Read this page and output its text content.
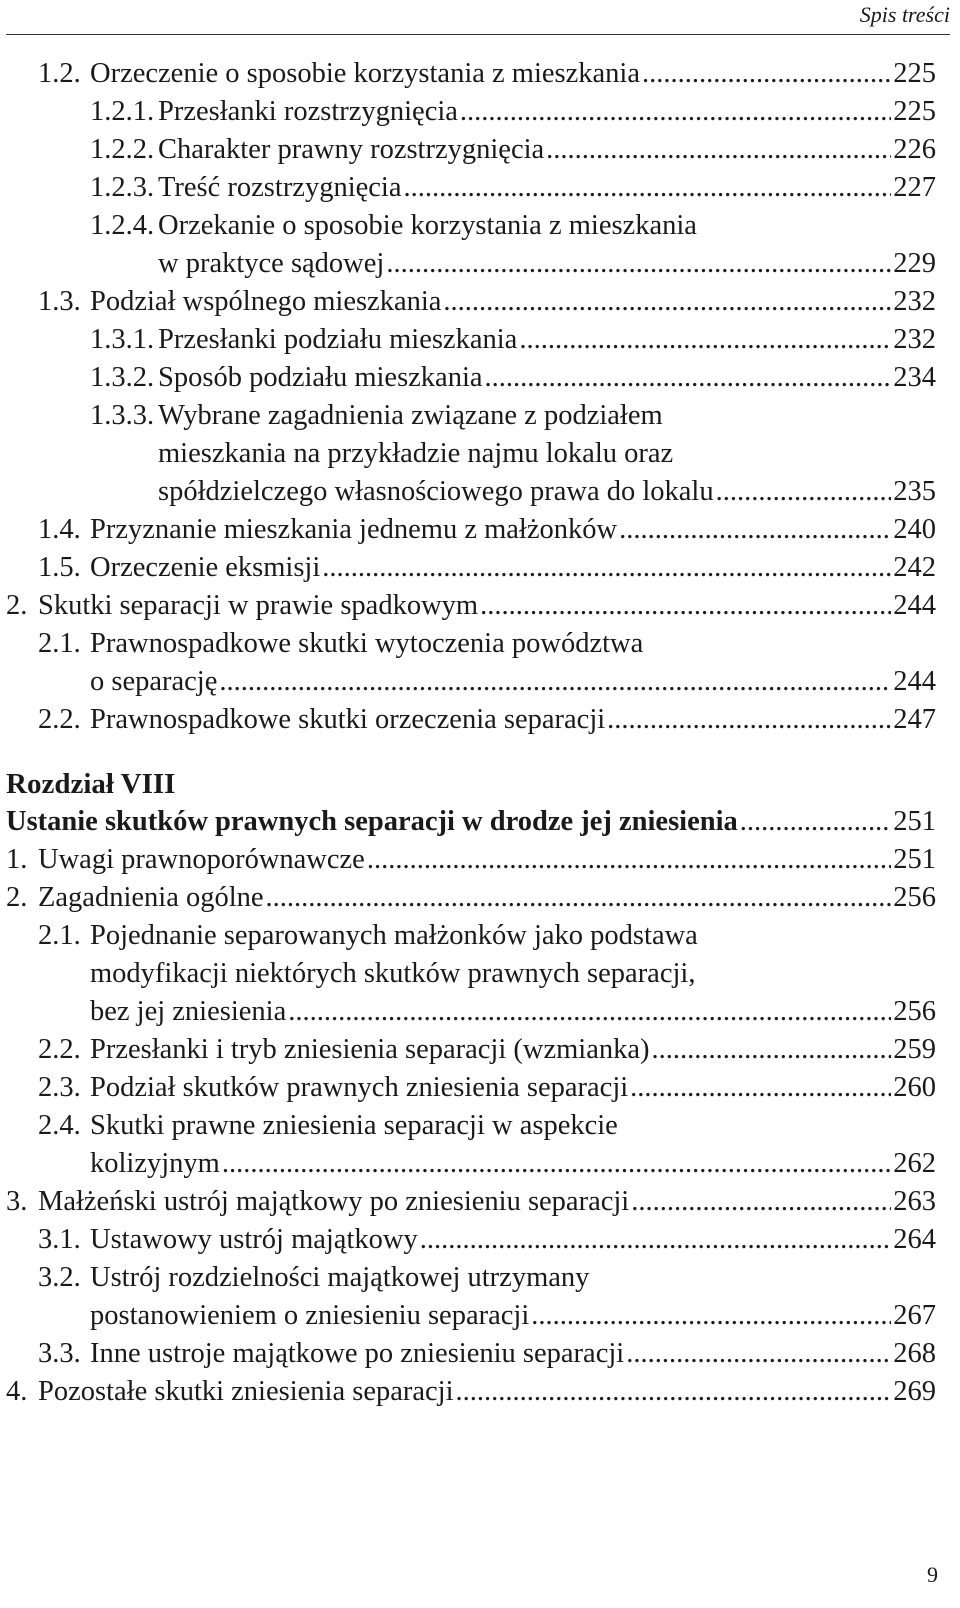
Spis treści
1.2. Orzeczenie o sposobie korzystania z mieszkania .....	225
1.2.1. Przesłanki rozstrzygnięcia .....	225
1.2.2. Charakter prawny rozstrzygnięcia .....	226
1.2.3. Treść rozstrzygnięcia .....	227
1.2.4. Orzekanie o sposobie korzystania z mieszkania
w praktyce sądowej .....	229
1.3. Podział wspólnego mieszkania .....	232
1.3.1. Przesłanki podziału mieszkania .....	232
1.3.2. Sposób podziału mieszkania .....	234
1.3.3. Wybrane zagadnienia związane z podziałem
mieszkania na przykładzie najmu lokalu oraz
spółdzielczego własnościowego prawa do lokalu .....	235
1.4. Przyznanie mieszkania jednemu z małżonków .....	240
1.5. Orzeczenie eksmisji .....	242
2. Skutki separacji w prawie spadkowym .....	244
2.1. Prawnospadkowe skutki wytoczenia powództwa
o separację .....	244
2.2. Prawnospadkowe skutki orzeczenia separacji .....	247
Rozdział VIII
Ustanie skutków prawnych separacji w drodze jej zniesienia .....	251
1. Uwagi prawnoporównawcze .....	251
2. Zagadnienia ogólne .....	256
2.1. Pojednanie separowanych małżonków jako podstawa
modyfikacji niektórych skutków prawnych separacji,
bez jej zniesienia .....	256
2.2. Przesłanki i tryb zniesienia separacji (wzmianka) .....	259
2.3. Podział skutków prawnych zniesienia separacji .....	260
2.4. Skutki prawne zniesienia separacji w aspekcie
kolizyjnym .....	262
3. Małżeński ustrój majątkowy po zniesieniu separacji .....	263
3.1. Ustawowy ustrój majątkowy .....	264
3.2. Ustrój rozdzielności majątkowej utrzymany
postanowieniem o zniesieniu separacji .....	267
3.3. Inne ustroje majątkowe po zniesieniu separacji .....	268
4. Pozostałe skutki zniesienia separacji .....	269
9
